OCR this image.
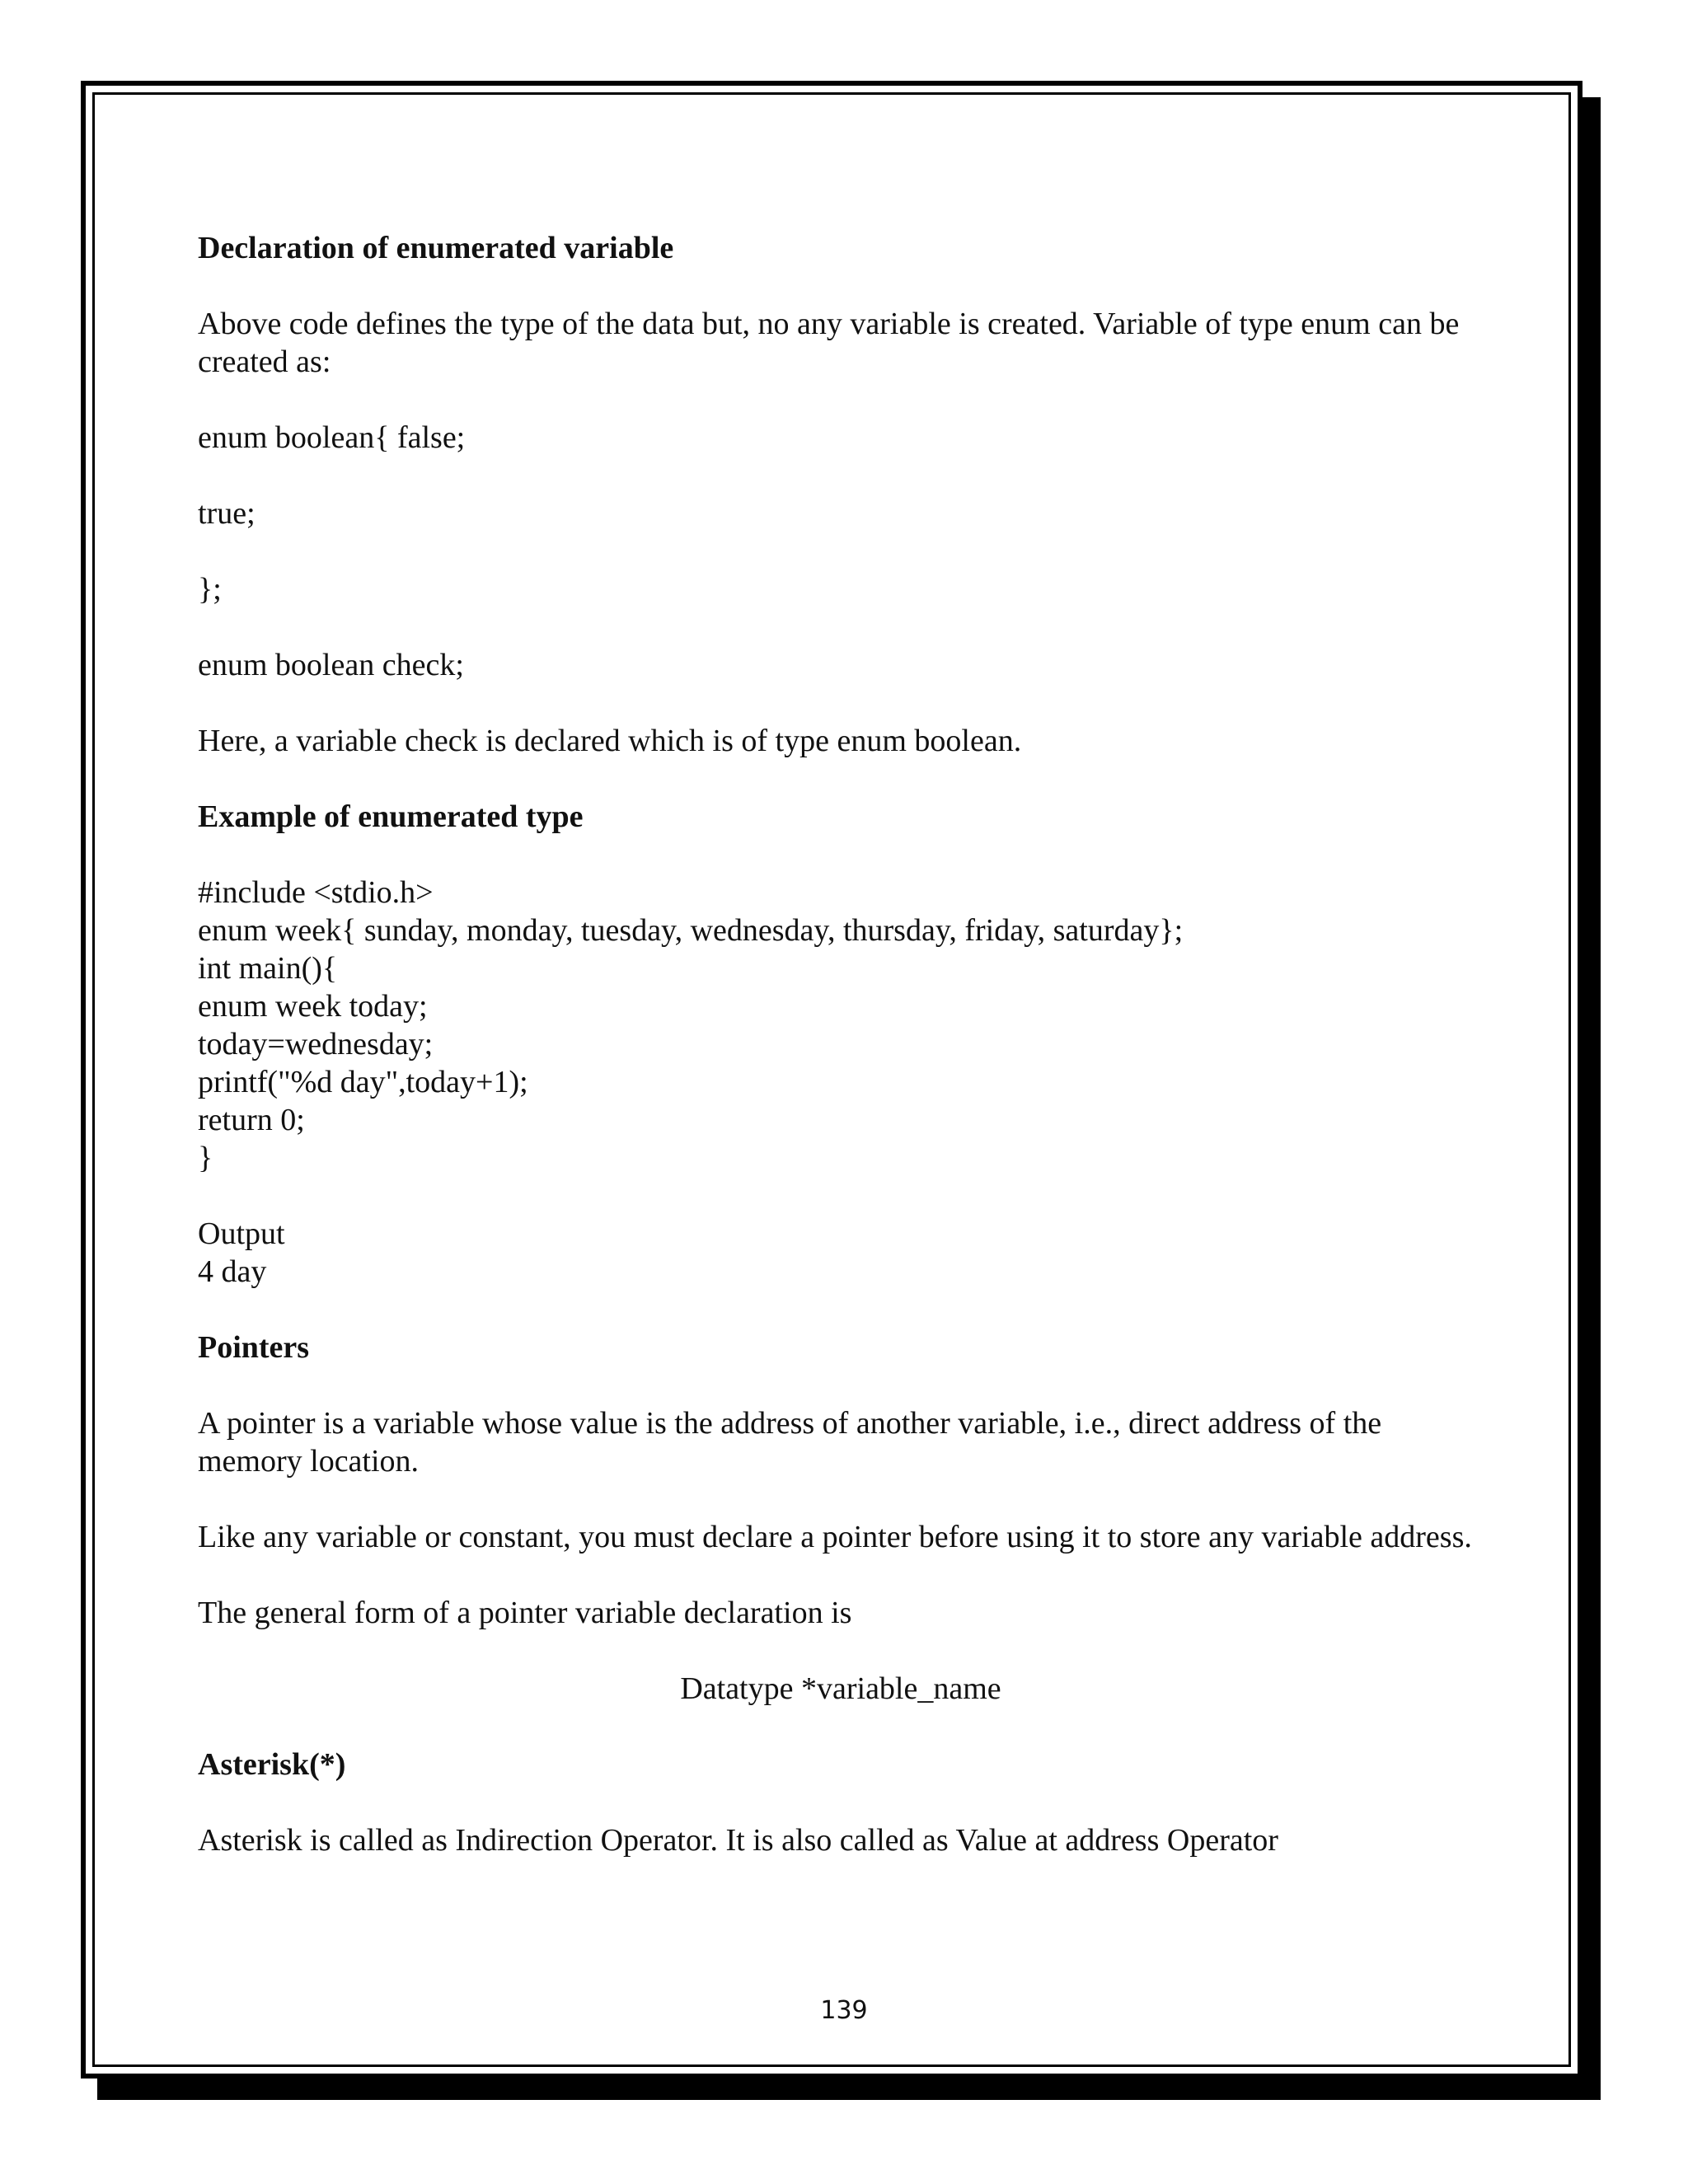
Declaration of enumerated variable
Above code defines the type of the data but, no any variable is created. Variable of type enum can be created as:
enum boolean{ false;
true;
};
enum boolean check;
Here, a variable check is declared which is of type enum boolean.
Example of enumerated type
#include <stdio.h>
enum week{ sunday, monday, tuesday, wednesday, thursday, friday, saturday};
int main(){
enum week today;
today=wednesday;
printf("%d day",today+1);
return 0;
}
Output
4 day
Pointers
A pointer is a variable whose value is the address of another variable, i.e., direct address of the memory location.
Like any variable or constant, you must declare a pointer before using it to store any variable address.
The general form of a pointer variable declaration is
Datatype *variable_name
Asterisk(*)
Asterisk is called as Indirection Operator. It is also called as Value at address Operator
139
